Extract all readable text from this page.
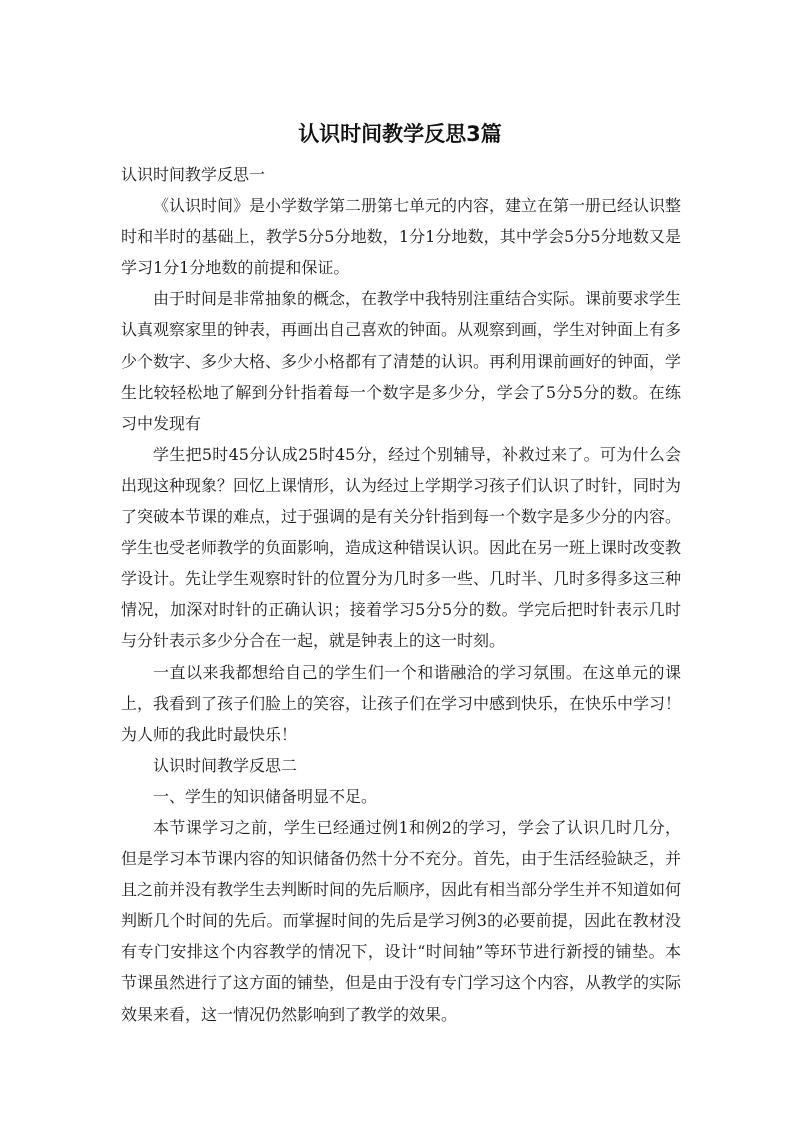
认识时间教学反思3篇

认识时间教学反思一

《认识时间》是小学数学第二册第七单元的内容，建立在第一册已经认识整时和半时的基础上，教学5分5分地数，1分1分地数，其中学会5分5分地数又是学习1分1分地数的前提和保证。

由于时间是非常抽象的概念，在教学中我特别注重结合实际。课前要求学生认真观察家里的钟表，再画出自己喜欢的钟面。从观察到画，学生对钟面上有多少个数字、多少大格、多少小格都有了清楚的认识。再利用课前画好的钟面，学生比较轻松地了解到分针指着每一个数字是多少分，学会了5分5分的数。在练习中发现有

学生把5时45分认成25时45分，经过个别辅导，补救过来了。可为什么会出现这种现象？回忆上课情形，认为经过上学期学习孩子们认识了时针，同时为了突破本节课的难点，过于强调的是有关分针指到每一个数字是多少分的内容。学生也受老师教学的负面影响，造成这种错误认识。因此在另一班上课时改变教学设计。先让学生观察时针的位置分为几时多一些、几时半、几时多得多这三种情况，加深对时针的正确认识；接着学习5分5分的数。学完后把时针表示几时与分针表示多少分合在一起，就是钟表上的这一时刻。

一直以来我都想给自己的学生们一个和谐融洽的学习氛围。在这单元的课上，我看到了孩子们脸上的笑容，让孩子们在学习中感到快乐，在快乐中学习！为人师的我此时最快乐！

认识时间教学反思二

一、学生的知识储备明显不足。

本节课学习之前，学生已经通过例1和例2的学习，学会了认识几时几分，但是学习本节课内容的知识储备仍然十分不充分。首先，由于生活经验缺乏，并且之前并没有教学生去判断时间的先后顺序，因此有相当部分学生并不知道如何判断几个时间的先后。而掌握时间的先后是学习例3的必要前提，因此在教材没有专门安排这个内容教学的情况下，设计“时间轴”等环节进行新授的铺垫。本节课虽然进行了这方面的铺垫，但是由于没有专门学习这个内容，从教学的实际效果来看，这一情况仍然影响到了教学的效果。
